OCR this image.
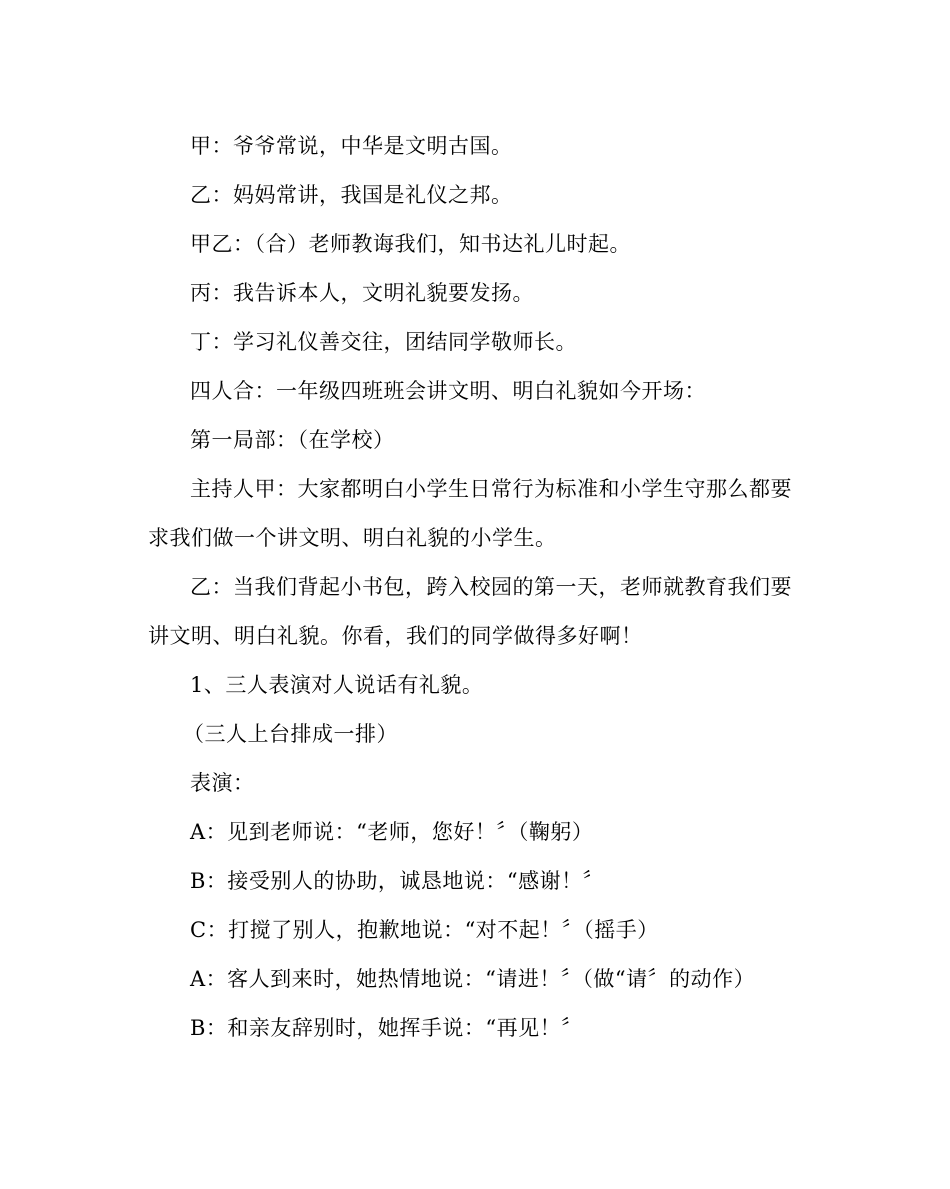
甲：爷爷常说，中华是文明古国。
乙：妈妈常讲，我国是礼仪之邦。
甲乙：（合）老师教诲我们，知书达礼儿时起。
丙：我告诉本人，文明礼貌要发扬。
丁：学习礼仪善交往，团结同学敬师长。
四人合：一年级四班班会讲文明、明白礼貌如今开场：
第一局部：（在学校）
主持人甲：大家都明白小学生日常行为标准和小学生守那么都要
求我们做一个讲文明、明白礼貌的小学生。
乙：当我们背起小书包，跨入校园的第一天，老师就教育我们要
讲文明、明白礼貌。你看，我们的同学做得多好啊！
1、三人表演对人说话有礼貌。
（三人上台排成一排）
表演：
A：见到老师说：“老师，您好！〞（鞠躬）
B：接受别人的协助，诚恳地说：“感谢！〞
C：打搅了别人，抱歉地说：“对不起！〞（摇手）
A：客人到来时，她热情地说：“请进！〞（做“请〞的动作）
B：和亲友辞别时，她挥手说：“再见！〞
